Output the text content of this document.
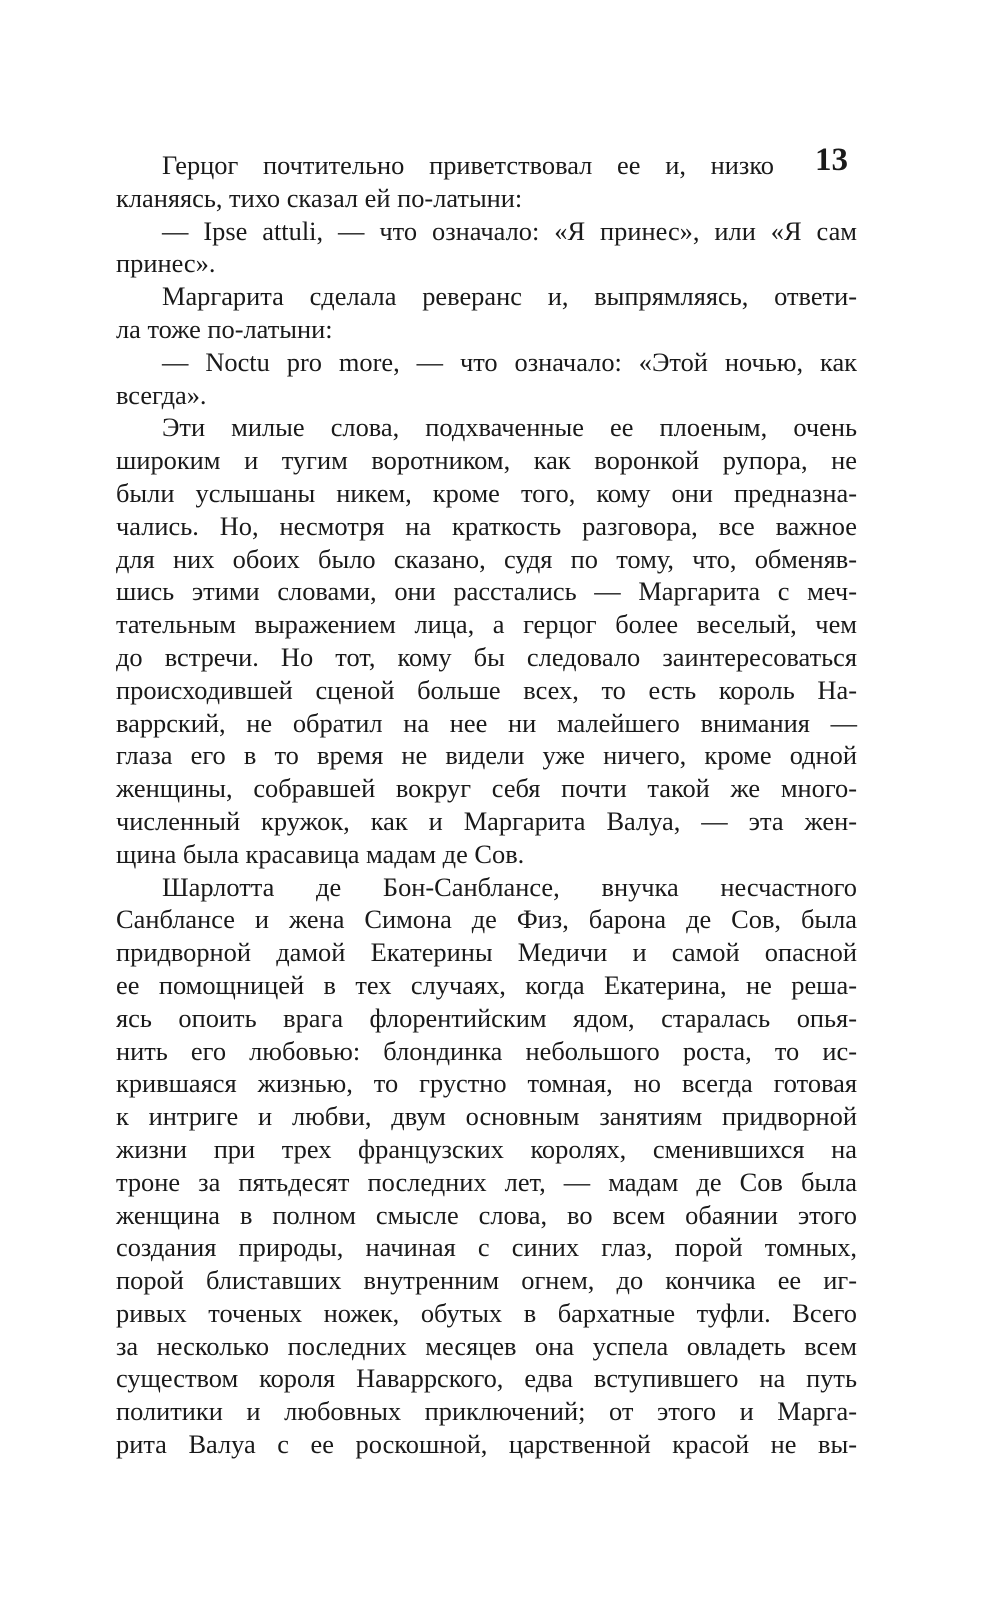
13
Герцог почтительно приветствовал ее и, низко
кланяясь, тихо сказал ей по-латыни:
— Ipse attuli, — что означало: «Я принес», или «Я сам
принес».
Маргарита сделала реверанс и, выпрямляясь, ответи-
ла тоже по-латыни:
— Noctu pro more, — что означало: «Этой ночью, как
всегда».
Эти милые слова, подхваченные ее плоеным, очень
широким и тугим воротником, как воронкой рупора, не
были услышаны никем, кроме того, кому они предназна-
чались. Но, несмотря на краткость разговора, все важное
для них обоих было сказано, судя по тому, что, обменяв-
шись этими словами, они расстались — Маргарита с меч-
тательным выражением лица, а герцог более веселый, чем
до встречи. Но тот, кому бы следовало заинтересоваться
происходившей сценой больше всех, то есть король На-
варрский, не обратил на нее ни малейшего внимания —
глаза его в то время не видели уже ничего, кроме одной
женщины, собравшей вокруг себя почти такой же много-
численный кружок, как и Маргарита Валуа, — эта жен-
щина была красавица мадам де Сов.
Шарлотта де Бон-Санблансе, внучка несчастного
Санблансе и жена Симона де Физ, барона де Сов, была
придворной дамой Екатерины Медичи и самой опасной
ее помощницей в тех случаях, когда Екатерина, не реша-
ясь опоить врага флорентийским ядом, старалась опья-
нить его любовью: блондинка небольшого роста, то ис-
крившаяся жизнью, то грустно томная, но всегда готовая
к интриге и любви, двум основным занятиям придворной
жизни при трех французских королях, сменившихся на
троне за пятьдесят последних лет, — мадам де Сов была
женщина в полном смысле слова, во всем обаянии этого
создания природы, начиная с синих глаз, порой томных,
порой блиставших внутренним огнем, до кончика ее иг-
ривых точеных ножек, обутых в бархатные туфли. Всего
за несколько последних месяцев она успела овладеть всем
существом короля Наваррского, едва вступившего на путь
политики и любовных приключений; от этого и Марга-
рита Валуа с ее роскошной, царственной красой не вы-
